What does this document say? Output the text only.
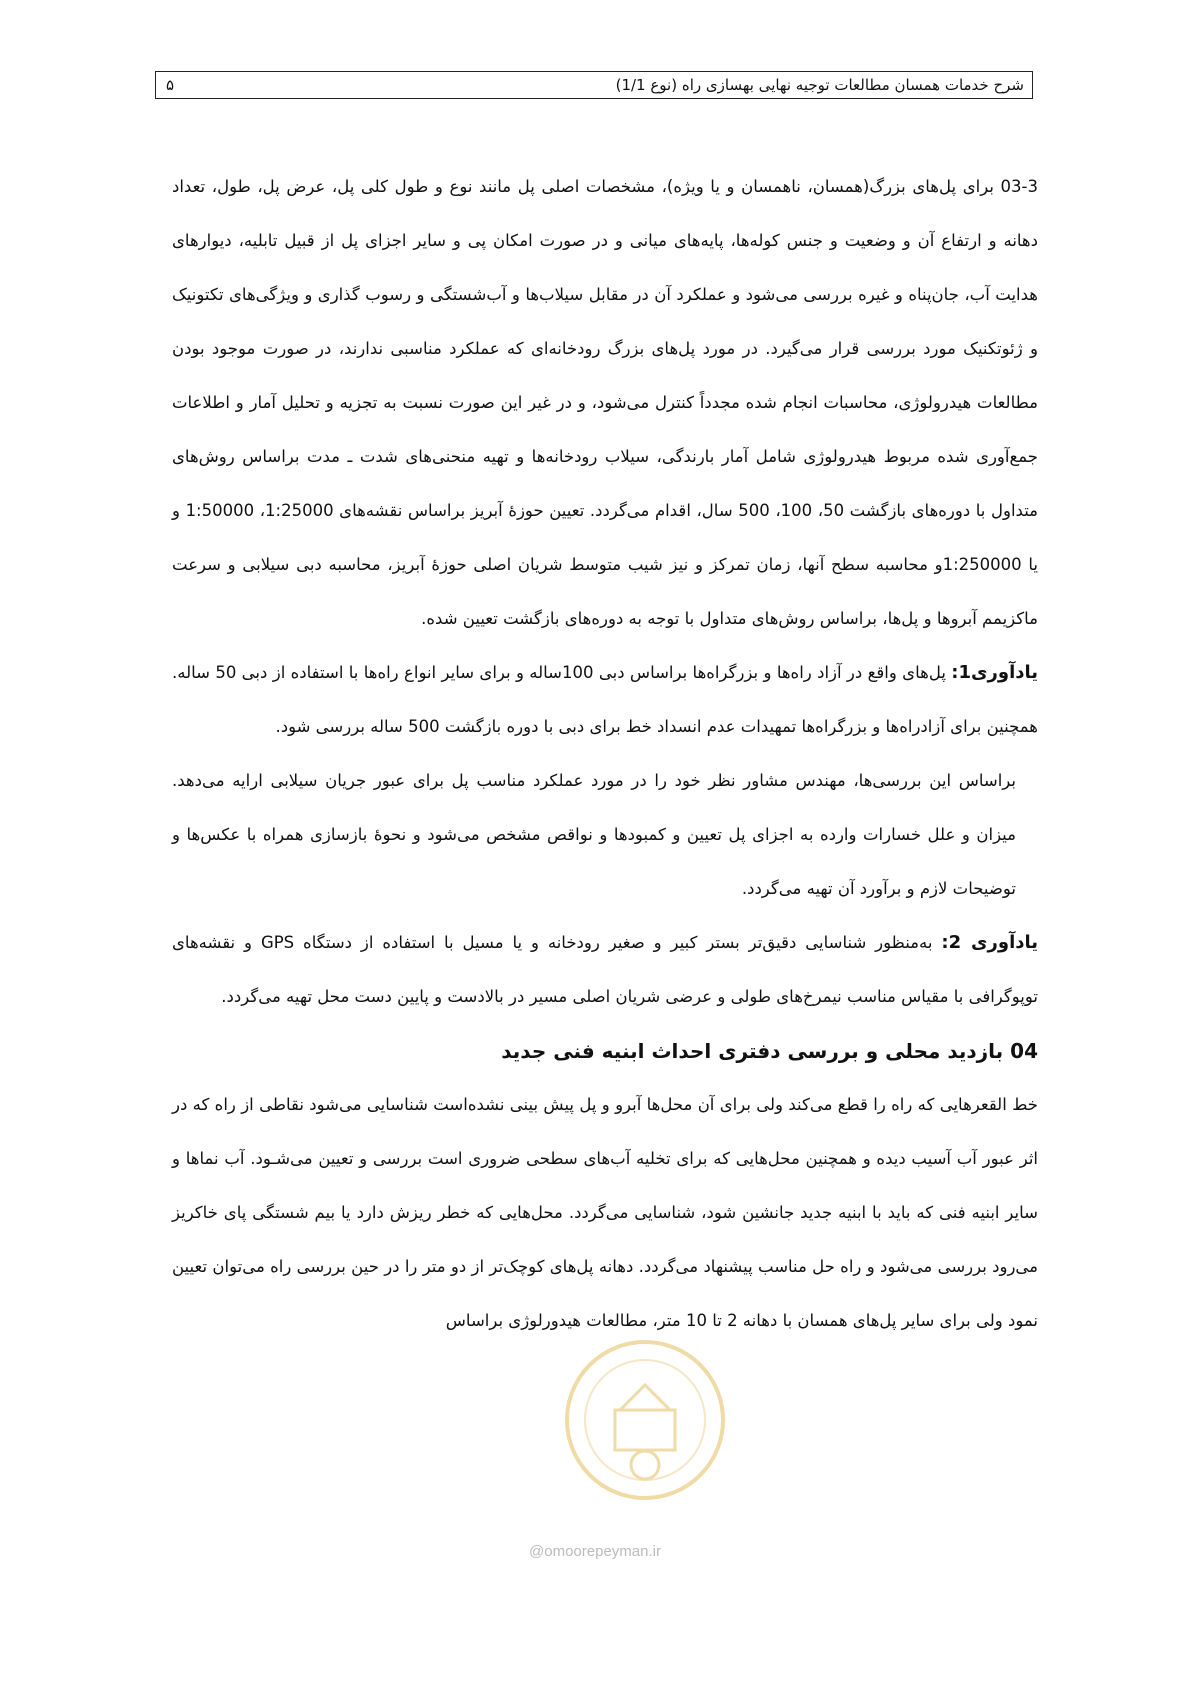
شرح خدمات همسان مطالعات توجیه نهایی بهسازی راه (نوع 1/1)
۵

03-3 برای پل‌های بزرگ(همسان، ناهمسان و یا ویژه)، مشخصات اصلی پل مانند نوع و طول کلی پل، عرض پل، طول، تعداد دهانه و ارتفاع آن و وضعیت و جنس کوله‌ها، پایه‌های میانی و در صورت امکان پی و سایر اجزای پل از قبیل تابلیه، دیوارهای هدایت آب، جان‌پناه و غیره بررسی می‌شود و عملکرد آن در مقابل سیلاب‌ها و آب‌شستگی و رسوب گذاری و ویژگی‌های تکتونیک و ژئوتکنیک مورد بررسی قرار می‌گیرد. در مورد پل‌های بزرگ رودخانه‌ای که عملکرد مناسبی ندارند، در صورت موجود بودن مطالعات هیدرولوژی، محاسبات انجام شده مجدداً کنترل می‌شود، و در غیر این صورت نسبت به تجزیه و تحلیل آمار و اطلاعات جمع‌آوری شده مربوط هیدرولوژی شامل آمار بارندگی، سیلاب رودخانه‌ها و تهیه منحنی‌های شدت ـ مدت براساس روش‌های متداول با دوره‌های بازگشت 50، 100، 500 سال، اقدام می‌گردد. تعیین حوزهٔ آبریز براساس نقشه‌های 1:25000، 1:50000 و یا 1:250000و محاسبه سطح آنها، زمان تمرکز و نیز شیب متوسط شریان اصلی حوزهٔ آبریز، محاسبه دبی سیلابی و سرعت ماکزیمم آبروها و پل‌ها، براساس روش‌های متداول با توجه به دوره‌های بازگشت تعیین شده.

یادآوری1: پل‌های واقع در آزاد راه‌ها و بزرگراه‌ها براساس دبی 100ساله و برای سایر انواع راه‌ها با استفاده از دبی 50 ساله. همچنین برای آزادراه‌ها و بزرگراه‌ها تمهیدات عدم انسداد خط برای دبی با دوره بازگشت 500 ساله بررسی شود.

براساس این بررسی‌ها، مهندس مشاور نظر خود را در مورد عملکرد مناسب پل برای عبور جریان سیلابی ارایه می‌دهد. میزان و علل خسارات وارده به اجزای پل تعیین و کمبودها و نواقص مشخص می‌شود و نحوهٔ بازسازی همراه با عکس‌ها و توضیحات لازم و برآورد آن تهیه می‌گردد.

یادآوری 2: به‌منظور شناسایی دقیق‌تر بستر کبیر و صغیر رودخانه و یا مسیل با استفاده از دستگاه GPS و نقشه‌های توپوگرافی با مقیاس مناسب نیمرخ‌های طولی و عرضی شریان اصلی مسیر در بالادست و پایین دست محل تهیه می‌گردد.

04 بازدید محلی و بررسی دفتری احداث ابنیه فنی جدید

خط القعرهایی که راه را قطع می‌کند ولی برای آن محل‌ها آبرو و پل پیش بینی نشده‌است شناسایی می‌شود نقاطی از راه که در اثر عبور آب آسیب دیده و همچنین محل‌هایی که برای تخلیه آب‌های سطحی ضروری است بررسی و تعیین می‌شـود. آب نماها و سایر ابنیه فنی که باید با ابنیه جدید جانشین شود، شناسایی می‌گردد. محل‌هایی که خطر ریزش دارد یا بیم شستگی پای خاکریز می‌رود بررسی می‌شود و راه حل مناسب پیشنهاد می‌گردد. دهانه پل‌های کوچک‌تر از دو متر را در حین بررسی راه می‌توان تعیین نمود ولی برای سایر پل‌های همسان با دهانه 2 تا 10 متر، مطالعات هیدورلوژی براساس

@omoorepeyman.ir
